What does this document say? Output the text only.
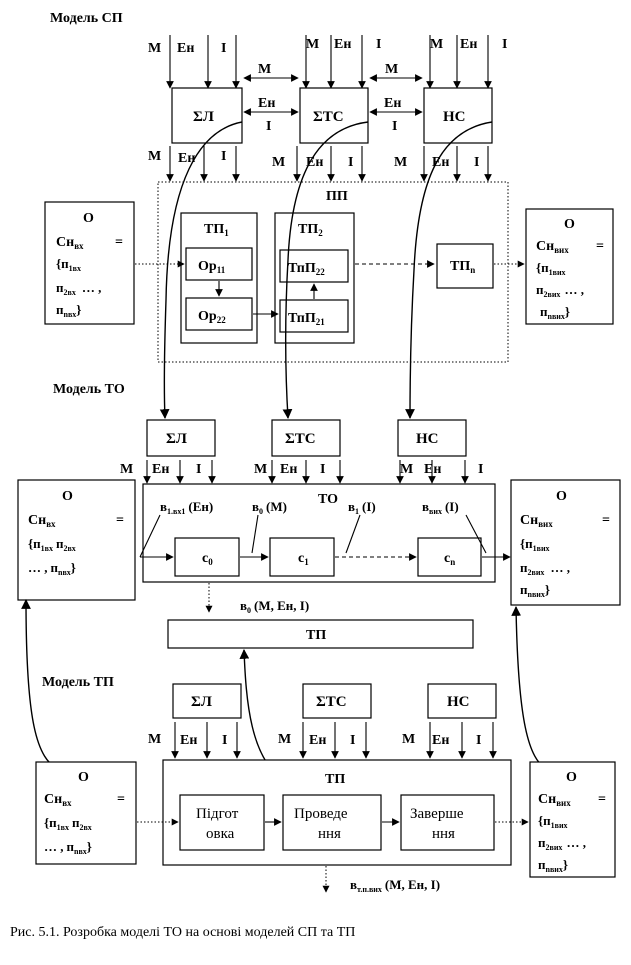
Модель СП
М Ен І	М Ен І	М Ен І
ΣЛ	ΣТС	НС
М	М
Ен
І
Ен
І
М Ен І	М Ен І	М Ен І
ПП
$ТП_1$
$Ор_{11}$
$Ор_{22}$
$ТП_2$
ТпП$_{22}$
ТпП$_{21}$
$ТП_n$
О
$Сн_{вх}$ =
{$п_1вх$
$п_2вх$ … ,
$п_nвх$}
О
$Сн_{вих}$ =
{$п_1вих$
$п_2вих$ … ,
$п_nвих$}
Модель ТО
ΣЛ	ΣТС	НС
М Ен І	М Ен І	М Ен	І
ТО
$в_{1.вх1}$ (Ен)	$в_0$ (М)	$в_1$ (І)	$в_{вих}$ (І)
$с_0$	$с_1$	$с_n$
О
$Сн_{вх}$	=
{$п_1вх$ $п_2вх$
… , $п_nвх$}
О
$Сн_{вих}$	=
{$п_1вих$
$п_2вих$ … ,
$п_nвих$}
$в_0$ (М, Ен, І)
ТП
Модель ТП
ΣЛ	ΣТС	НС
М Ен І	М Ен І	М Ен І
ТП
Підгот
овка
Проведе
ння
Заверше
ння
О
$Сн_{вх}$	=
{$п_1вх$ $п_2вх$
… , $п_nвх$}
О
$Сн_{вих}$ =
{$п_1вих$
$п_2вих$ … ,
$п_nвих$}
$в_{т.п.вих}$ (М, Ен, І)
Рис. 5.1. Розробка моделі ТО на основі моделей СП та ТП
